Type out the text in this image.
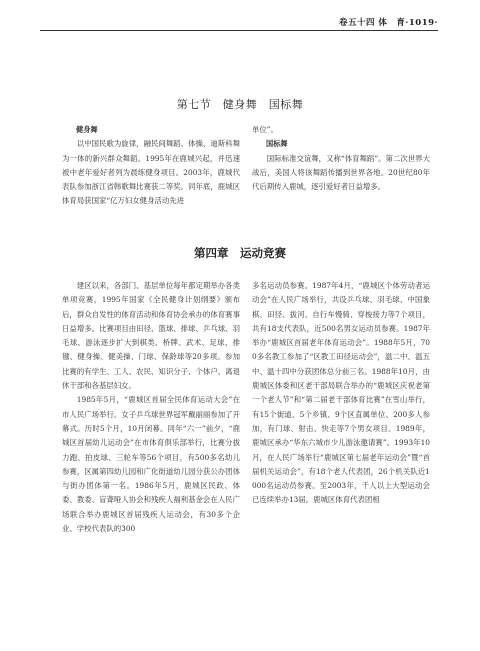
卷五十四 体　育·1019·
第七节　健身舞　国标舞

健身舞

以中国民歌为旋律，融民间舞蹈、体操、迪斯科舞为一体的新兴群众舞蹈。1995年在鹿城兴起，并迅速被中老年爱好者列为晨练健身项目。2003年，鹿城代表队参加浙江省韩歌舞比赛获二等奖。同年底，鹿城区体育局获国家“亿万妇女健身活动先进

单位”。

国标舞

国际标准交谊舞，又称“体育舞蹈”。第二次世界大战后，美国人将该舞蹈传播到世界各地。20世纪80年代后期传入鹿城，逐引爱好者日益增多。

第四章　运动竞赛

建区以来，各部门、基层单位每年都定期举办各类单项竞赛，1995年国家《全民健身计划纲要》颁布后，群众自发性的体育活动和体育协会承办的体育赛事日益增多。比赛项目由田径、篮球、排球、乒乓球、羽毛球、游泳逐步扩大到棋类、桥牌、武术、足球、排毽、健身操、健美操、门球、保龄球等20多项。参加比赛的有学生、工人、农民、知识分子、个体户、离退休干部和各基层妇女。

1985年5月，“鹿城区首届全民体育运动大会”在市人民广场举行。女子乒乓球世界冠军戴丽丽参加了开幕式。历时5个月，10月闭幕。同年“六一”前夕，“鹿城区首届幼儿运动会”在市体育俱乐部举行，比赛分拔力跑、拍皮球、三轮车等56个项目，有500多名幼儿参赛，区属第四幼儿园和广化街道幼儿园分获公办团体与街办团体第一名。1986年5月，鹿城区民政、体委、教委、盲聋哑人协会和残疾人福利基金会在人民广场联合举办鹿城区首届残疾人运动会，有30多个企业、学校代表队的300

多名运动员参赛。1987年4月，“鹿城区个体劳动者运动会”在人民广场举行，共设乒乓球、羽毛球、中国象棋、田径、拔河、自行车慢骑、穿梭接力等7个项目，共有18支代表队，近500名男女运动员参赛。1987年举办“鹿城区首届老年体育运动会”。1988年5月，700多名教工参加了“区教工田径运动会”，温二中、温五中、温十四中分获团体总分前三名。1988年10月，由鹿城区体委和区老干部局联合举办的“鹿城区庆祝老第一个老人节”和“第二届老干部体育比赛”在雪山举行，有15个街道、5个乡镇、9个区直属单位、200多人参加，有门球、射击、快走等7个男女项目。1989年，鹿城区承办“华东六城市少儿游泳邀请赛”。1993年10月，在人民广场举行“鹿城区第七届老年运动会”暨“首届机关运动会”，有18个老人代表团，26个机关队近1000名运动员参赛。至2003年，千人以上大型运动会已连续举办13届。鹿城区体育代表团相
